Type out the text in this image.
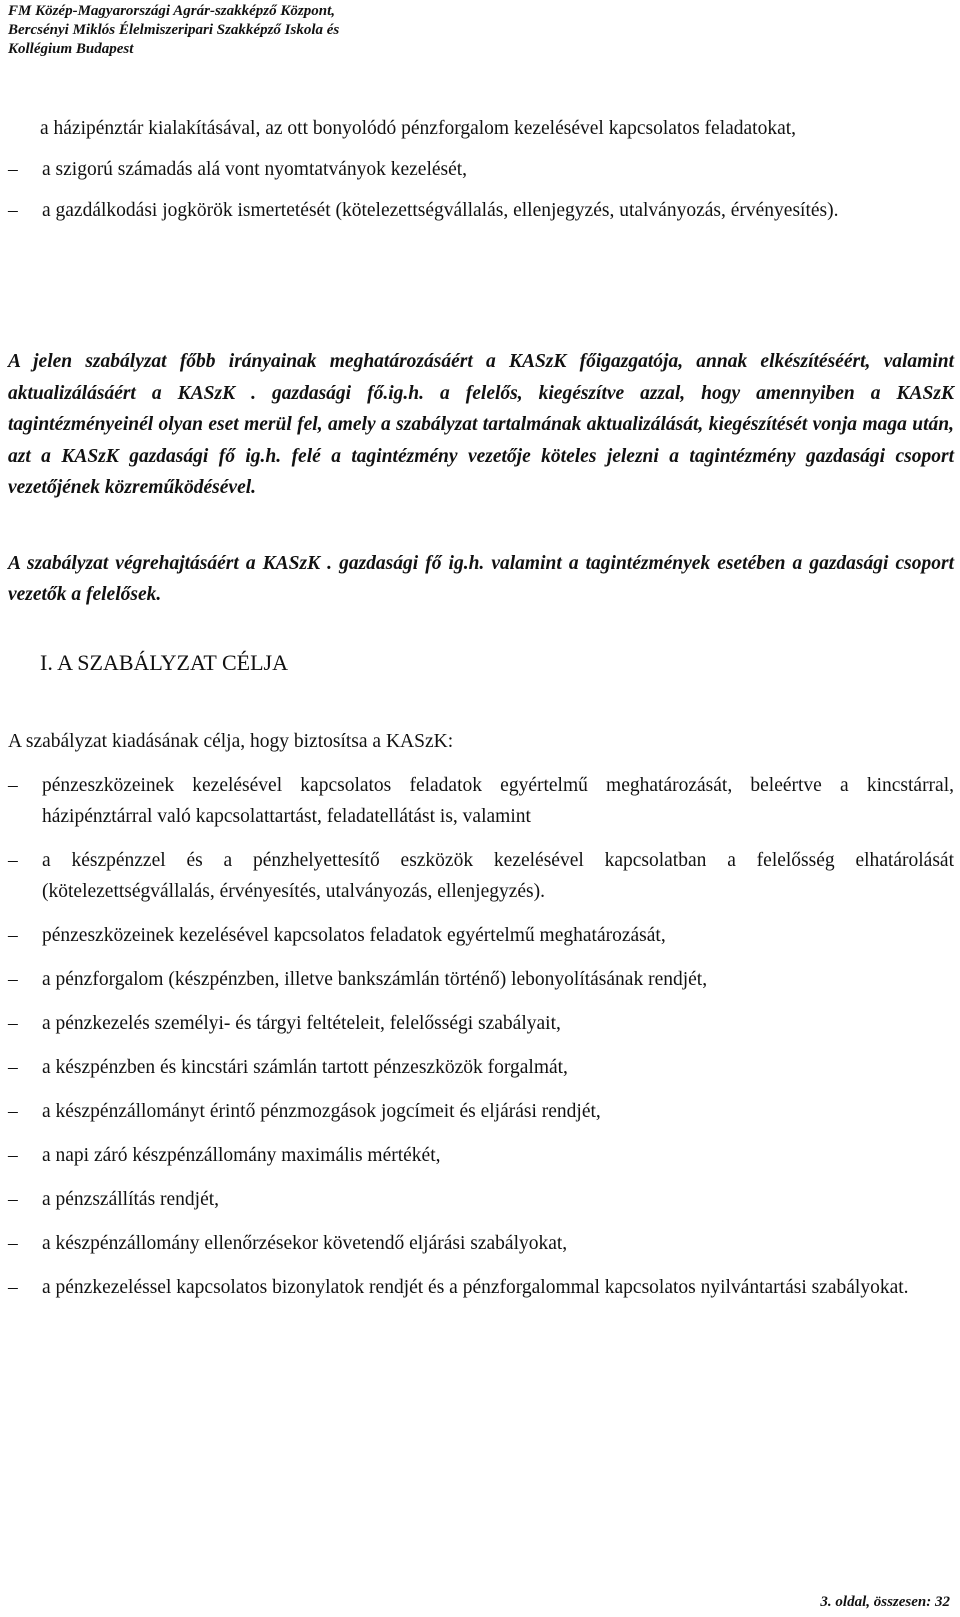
FM Közép-Magyarországi Agrár-szakképző Központ,
Bercsényi Miklós Élelmiszeripari Szakképző Iskola és
Kollégium Budapest
a házipénztár kialakításával, az ott bonyolódó pénzforgalom kezelésével kapcsolatos feladatokat,
–	a szigorú számadás alá vont nyomtatványok kezelését,
–	a gazdálkodási jogkörök ismertetését (kötelezettségvállalás, ellenjegyzés, utalványozás, érvényesítés).
A jelen szabályzat főbb irányainak meghatározásáért a KASzK főigazgatója, annak elkészítéséért, valamint aktualizálásáért a KASzK . gazdasági fő.ig.h. a felelős, kiegészítve azzal, hogy amennyiben a KASzK tagintézményeinél olyan eset merül fel, amely a szabályzat tartalmának aktualizálását, kiegészítését vonja maga után, azt a KASzK gazdasági fő ig.h. felé a tagintézmény vezetője köteles jelezni a tagintézmény gazdasági csoport vezetőjének közreműködésével.
A szabályzat végrehajtásáért a KASzK . gazdasági fő ig.h. valamint a tagintézmények esetében a gazdasági csoport vezetők a felelősek.
I. A SZABÁLYZAT CÉLJA
A szabályzat kiadásának célja, hogy biztosítsa a KASzK:
–	pénzeszközeinek kezelésével kapcsolatos feladatok egyértelmű meghatározását, beleértve a kincstárral, házipénztárral való kapcsolattartást, feladatellátást is, valamint
–	a készpénzzel és a pénzhelyettesítő eszközök kezelésével kapcsolatban a felelősség elhatárolását (kötelezettségvállalás, érvényesítés, utalványozás, ellenjegyzés).
–	pénzeszközeinek kezelésével kapcsolatos feladatok egyértelmű meghatározását,
–	a pénzforgalom (készpénzben, illetve bankszámlán történő) lebonyolításának rendjét,
–	a pénzkezelés személyi- és tárgyi feltételeit, felelősségi szabályait,
–	a készpénzben és kincstári számlán tartott pénzeszközök forgalmát,
–	a készpénzállományt érintő pénzmozgások jogcímeit és eljárási rendjét,
–	a napi záró készpénzállomány maximális mértékét,
–	a pénzszállítás rendjét,
–	a készpénzállomány ellenőrzésekor követendő eljárási szabályokat,
–	a pénzkezeléssel kapcsolatos bizonylatok rendjét és a pénzforgalommal kapcsolatos nyilvántartási szabályokat.
3. oldal, összesen: 32
